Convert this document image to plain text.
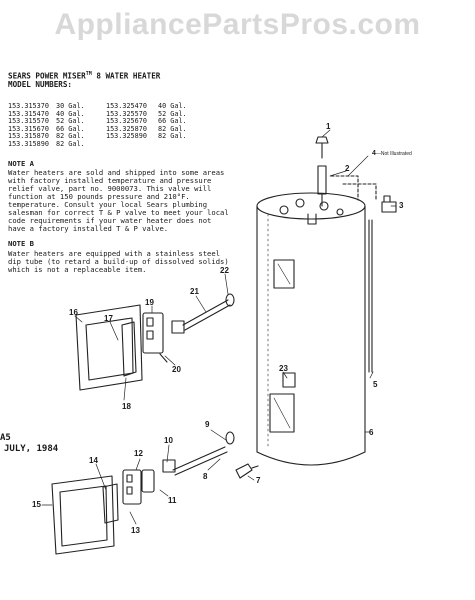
AppliancePartsPros.com
SEARS POWER MISER™ 8 WATER HEATER
MODEL NUMBERS:
153.315370	30 Gal.	153.325470	40 Gal.
153.315470	40 Gal.	153.325570	52 Gal.
153.315570	52 Gal.	153.325670	66 Gal.
153.315670	66 Gal.	153.325870	82 Gal.
153.315870	82 Gal.	153.325890	82 Gal.
153.315890	82 Gal.
NOTE A
Water heaters are sold and shipped into some areas
with factory installed temperature and pressure
relief valve, part no. 9000073. This valve will
function at 150 pounds pressure and 210°F.
temperature. Consult your local Sears plumbing
salesman for correct T & P valve to meet your local
code requirements if your water heater does not
have a factory installed T & P valve.
NOTE B
Water heaters are equipped with a stainless steel
dip tube (to retard a build-up of dissolved solids)
which is not a replaceable item.
A5
JULY, 1984
1
2
3
4—Not Illustrated
5
6
7
8
9
10
11
12
13
14
15
16
17
18
19
20
21
22
23
